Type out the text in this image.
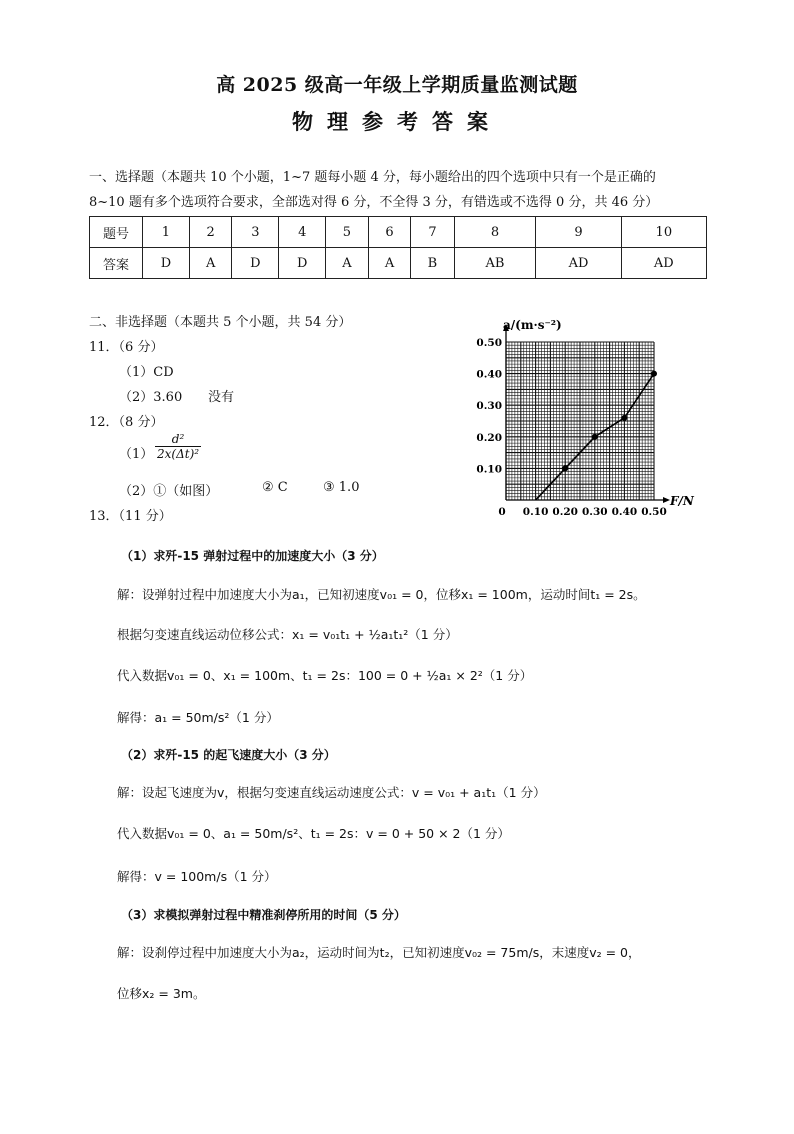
高 2025 级高一年级上学期质量监测试题
物理参考答案
一、选择题（本题共 10 个小题，1~7 题每小题 4 分，每小题给出的四个选项中只有一个是正确的
8~10 题有多个选项符合要求，全部选对得 6 分，不全得 3 分，有错选或不选得 0 分，共 46 分）
题号	1	2	3	4	5	6	7	8	9	10
答案	D	A	D	D	A	A	B	AB	AD	AD
二、非选择题（本题共 5 个小题，共 54 分）
11．（6 分）
（1）CD
（2）3.60 没有
12．（8 分）
$(1) \frac{\text{d²}}{\text{2x(Δt)²}}$
（2）①（如图）	② C	③ 1.0
13．（11 分）	0 0.10 0.20 0.30 0.40 0.50
0.10
0.20
0.30
0.40
0.50
a/(m·s⁻²)
F/N
（1）求歼-15 弹射过程中的加速度大小（3 分）
解：设弹射过程中加速度大小为a₁，已知初速度v₀₁ = 0，位移x₁ = 100m，运动时间t₁ = 2s。
根据匀变速直线运动位移公式：x₁ = v₀₁t₁ + ½a₁t₁²（1 分）
代入数据v₀₁ = 0、x₁ = 100m、t₁ = 2s：100 = 0 + ½a₁ × 2²（1 分）
解得：a₁ = 50m/s²（1 分）
（2）求歼-15 的起飞速度大小（3 分）
解：设起飞速度为v，根据匀变速直线运动速度公式：v = v₀₁ + a₁t₁（1 分）
代入数据v₀₁ = 0、a₁ = 50m/s²、t₁ = 2s：v = 0 + 50 × 2（1 分）
解得：v = 100m/s（1 分）
（3）求模拟弹射过程中精准刹停所用的时间（5 分）
解：设刹停过程中加速度大小为a₂，运动时间为t₂，已知初速度v₀₂ = 75m/s，末速度v₂ = 0，
位移x₂ = 3m。
